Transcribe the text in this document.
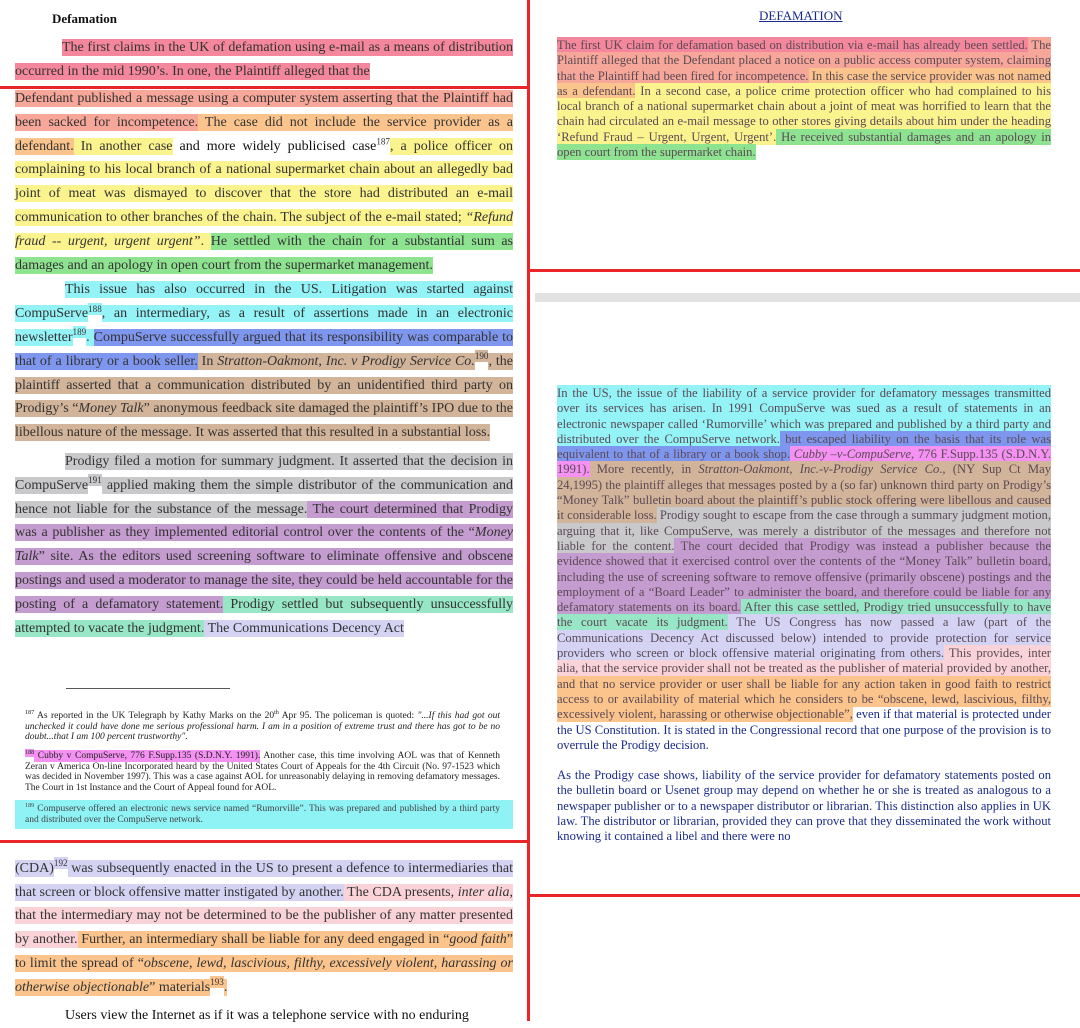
Defamation

The first claims in the UK of defamation using e-mail as a means of distribution occurred in the mid 1990’s. In one, the Plaintiff alleged that the

Defendant published a message using a computer system asserting that the Plaintiff had been sacked for incompetence. The case did not include the service provider as a defendant. In another case and more widely publicised case$^{187}$, a police officer on complaining to his local branch of a national supermarket chain about an allegedly bad joint of meat was dismayed to discover that the store had distributed an e-mail communication to other branches of the chain. The subject of the e-mail stated; “Refund fraud -- urgent, urgent urgent”. He settled with the chain for a substantial sum as damages and an apology in open court from the supermarket management.

This issue has also occurred in the US. Litigation was started against CompuServe$^{188}$, an intermediary, as a result of assertions made in an electronic newsletter$^{189}$. CompuServe successfully argued that its responsibility was comparable to that of a library or a book seller. In Stratton-Oakmont, Inc. v Prodigy Service Co.$^{190}$, the plaintiff asserted that a communication distributed by an unidentified third party on Prodigy’s “Money Talk” anonymous feedback site damaged the plaintiff’s IPO due to the libellous nature of the message. It was asserted that this resulted in a substantial loss.

Prodigy filed a motion for summary judgment. It asserted that the decision in CompuServe$^{191}$ applied making them the simple distributor of the communication and hence not liable for the substance of the message. The court determined that Prodigy was a publisher as they implemented editorial control over the contents of the “Money Talk” site. As the editors used screening software to eliminate offensive and obscene postings and used a moderator to manage the site, they could be held accountable for the posting of a defamatory statement. Prodigy settled but subsequently unsuccessfully attempted to vacate the judgment. The Communications Decency Act

$^{187}$ As reported in the UK Telegraph by Kathy Marks on the 20th Apr 95. The policeman is quoted: "...If this had got out unchecked it could have done me serious professional harm. I am in a position of extreme trust and there has got to be no doubt...that I am 100 percent trustworthy".
$^{188}$ Cubby v CompuServe, 776 F.Supp.135 (S.D.N.Y. 1991). Another case, this time involving AOL was that of Kenneth Zeran v America On-line Incorporated heard by the United States Court of Appeals for the 4th Circuit (No. 97-1523 which was decided in November 1997). This was a case against AOL for unreasonably delaying in removing defamatory messages. The Court in 1st Instance and the Court of Appeal found for AOL.
$^{189}$ Compuserve offered an electronic news service named “Rumorville”. This was prepared and published by a third party and distributed over the CompuServe network.

(CDA)$^{192}$ was subsequently enacted in the US to present a defence to intermediaries that that screen or block offensive matter instigated by another. The CDA presents, inter alia, that the intermediary may not be determined to be the publisher of any matter presented by another. Further, an intermediary shall be liable for any deed engaged in “good faith” to limit the spread of “obscene, lewd, lascivious, filthy, excessively violent, harassing or otherwise objectionable” materials$^{193}$.

Users view the Internet as if it was a telephone service with no enduring

DEFAMATION

The first UK claim for defamation based on distribution via e-mail has already been settled. The Plaintiff alleged that the Defendant placed a notice on a public access computer system, claiming that the Plaintiff had been fired for incompetence. In this case the service provider was not named as a defendant. In a second case, a police crime protection officer who had complained to his local branch of a national supermarket chain about a joint of meat was horrified to learn that the chain had circulated an e-mail message to other stores giving details about him under the heading ‘Refund Fraud – Urgent, Urgent, Urgent’. He received substantial damages and an apology in open court from the supermarket chain.

In the US, the issue of the liability of a service provider for defamatory messages transmitted over its services has arisen. In 1991 CompuServe was sued as a result of statements in an electronic newspaper called ‘Rumorville’ which was prepared and published by a third party and distributed over the CompuServe network. but escaped liability on the basis that its role was equivalent to that of a library or a book shop. Cubby –v-CompuServe, 776 F.Supp.135 (S.D.N.Y. 1991). More recently, in Stratton-Oakmont, Inc.-v-Prodigy Service Co., (NY Sup Ct May 24,1995) the plaintiff alleges that messages posted by a (so far) unknown third party on Prodigy’s “Money Talk” bulletin board about the plaintiff’s public stock offering were libellous and caused it considerable loss. Prodigy sought to escape from the case through a summary judgment motion, arguing that it, like CompuServe, was merely a distributor of the messages and therefore not liable for the content. The court decided that Prodigy was instead a publisher because the evidence showed that it exercised control over the contents of the “Money Talk” bulletin board, including the use of screening software to remove offensive (primarily obscene) postings and the employment of a “Board Leader” to administer the board, and therefore could be liable for any defamatory statements on its board. After this case settled, Prodigy tried unsuccessfully to have the court vacate its judgment. The US Congress has now passed a law (part of the Communications Decency Act discussed below) intended to provide protection for service providers who screen or block offensive material originating from others. This provides, inter alia, that the service provider shall not be treated as the publisher of material provided by another, and that no service provider or user shall be liable for any action taken in good faith to restrict access to or availability of material which he considers to be “obscene, lewd, lascivious, filthy, excessively violent, harassing or otherwise objectionable”, even if that material is protected under the US Constitution. It is stated in the Congressional record that one purpose of the provision is to overrule the Prodigy decision.

As the Prodigy case shows, liability of the service provider for defamatory statements posted on the bulletin board or Usenet group may depend on whether he or she is treated as analogous to a newspaper publisher or to a newspaper distributor or librarian. This distinction also applies in UK law. The distributor or librarian, provided they can prove that they disseminated the work without knowing it contained a libel and there were no
